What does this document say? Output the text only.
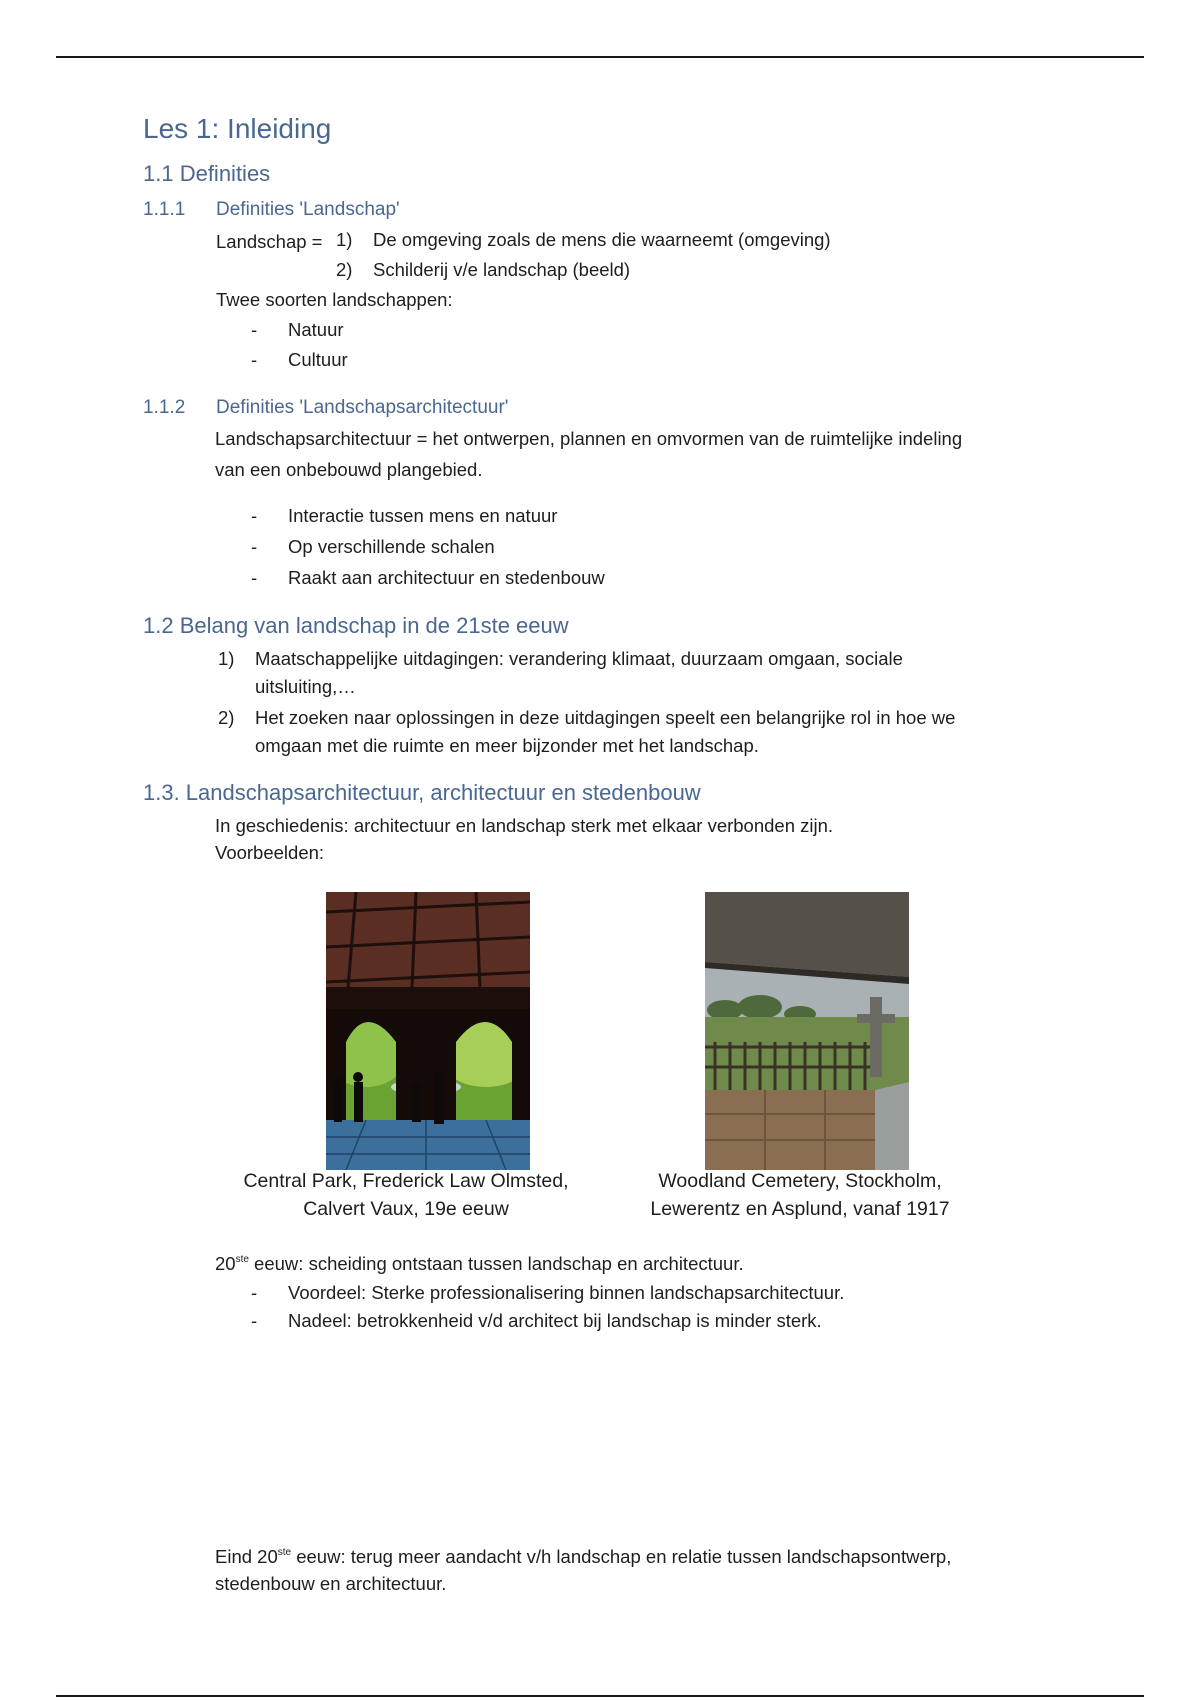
Les 1: Inleiding
1.1 Definities
1.1.1 Definities 'Landschap'
Landschap = 1) De omgeving zoals de mens die waarneemt (omgeving)
2) Schilderij v/e landschap (beeld)
Twee soorten landschappen:
- Natuur
- Cultuur
1.1.2 Definities 'Landschapsarchitectuur'
Landschapsarchitectuur = het ontwerpen, plannen en omvormen van de ruimtelijke indeling
van een onbebouwd plangebied.
- Interactie tussen mens en natuur
- Op verschillende schalen
- Raakt aan architectuur en stedenbouw
1.2 Belang van landschap in de 21ste eeuw
1) Maatschappelijke uitdagingen: verandering klimaat, duurzaam omgaan, sociale
uitsluiting,…
2) Het zoeken naar oplossingen in deze uitdagingen speelt een belangrijke rol in hoe we
omgaan met die ruimte en meer bijzonder met het landschap.
1.3. Landschapsarchitectuur, architectuur en stedenbouw
In geschiedenis: architectuur en landschap sterk met elkaar verbonden zijn.
Voorbeelden:
Central Park, Frederick Law Olmsted,
Calvert Vaux, 19e eeuw
Woodland Cemetery, Stockholm,
Lewerentz en Asplund, vanaf 1917
20ste eeuw: scheiding ontstaan tussen landschap en architectuur.
- Voordeel: Sterke professionalisering binnen landschapsarchitectuur.
- Nadeel: betrokkenheid v/d architect bij landschap is minder sterk.
Eind 20ste eeuw: terug meer aandacht v/h landschap en relatie tussen landschapsontwerp,
stedenbouw en architectuur.
